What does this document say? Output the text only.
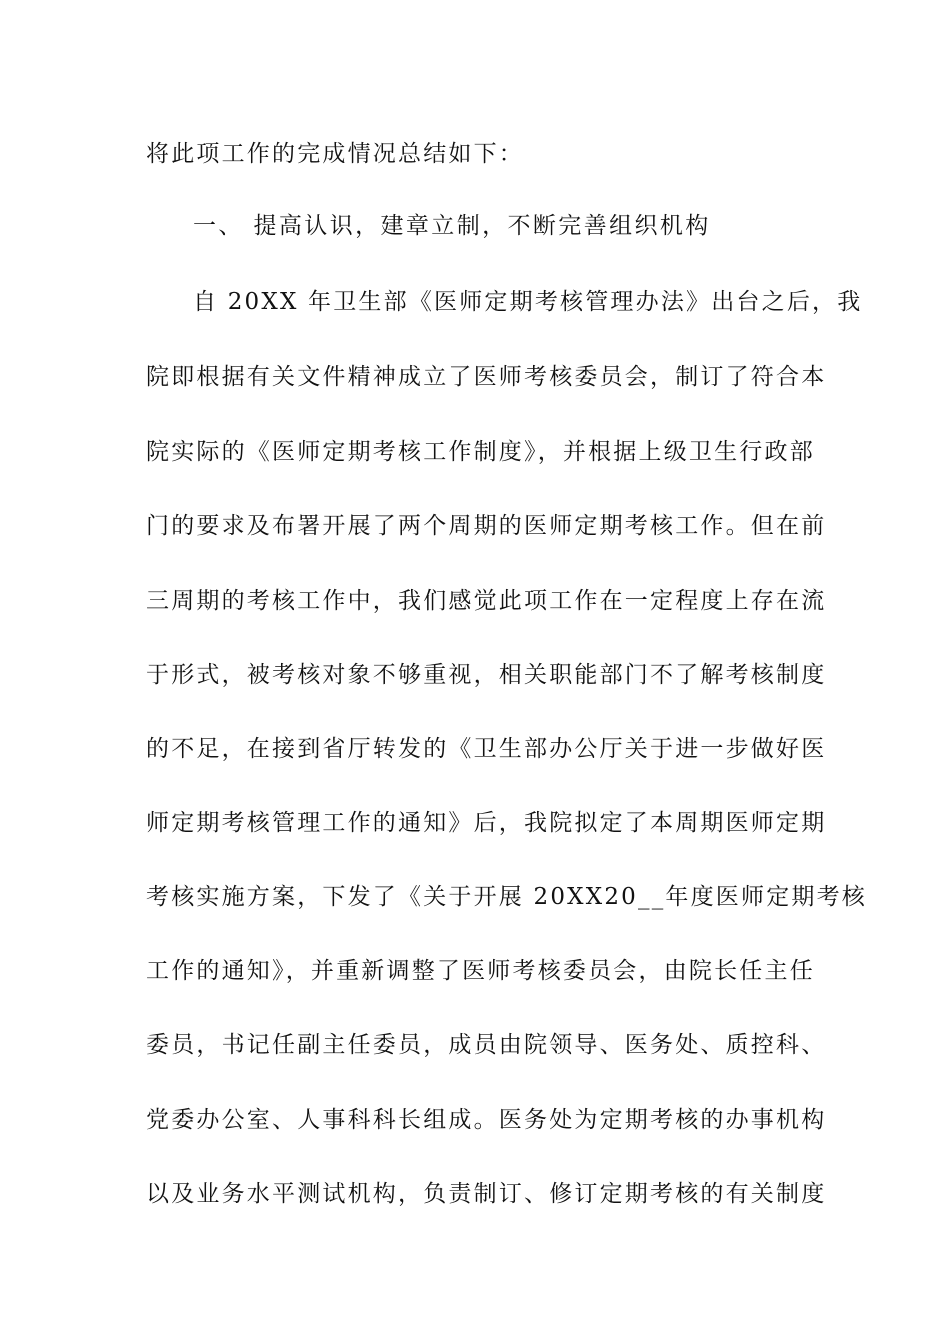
将此项工作的完成情况总结如下：
一、 提高认识，建章立制，不断完善组织机构
自 20XX 年卫生部《医师定期考核管理办法》出台之后，我
院即根据有关文件精神成立了医师考核委员会，制订了符合本
院实际的《医师定期考核工作制度》，并根据上级卫生行政部
门的要求及布署开展了两个周期的医师定期考核工作。但在前
三周期的考核工作中，我们感觉此项工作在一定程度上存在流
于形式，被考核对象不够重视，相关职能部门不了解考核制度
的不足，在接到省厅转发的《卫生部办公厅关于进一步做好医
师定期考核管理工作的通知》后，我院拟定了本周期医师定期
考核实施方案，下发了《关于开展 20XX20__年度医师定期考核
工作的通知》，并重新调整了医师考核委员会，由院长任主任
委员，书记任副主任委员，成员由院领导、医务处、质控科、
党委办公室、人事科科长组成。医务处为定期考核的办事机构
以及业务水平测试机构，负责制订、修订定期考核的有关制度
